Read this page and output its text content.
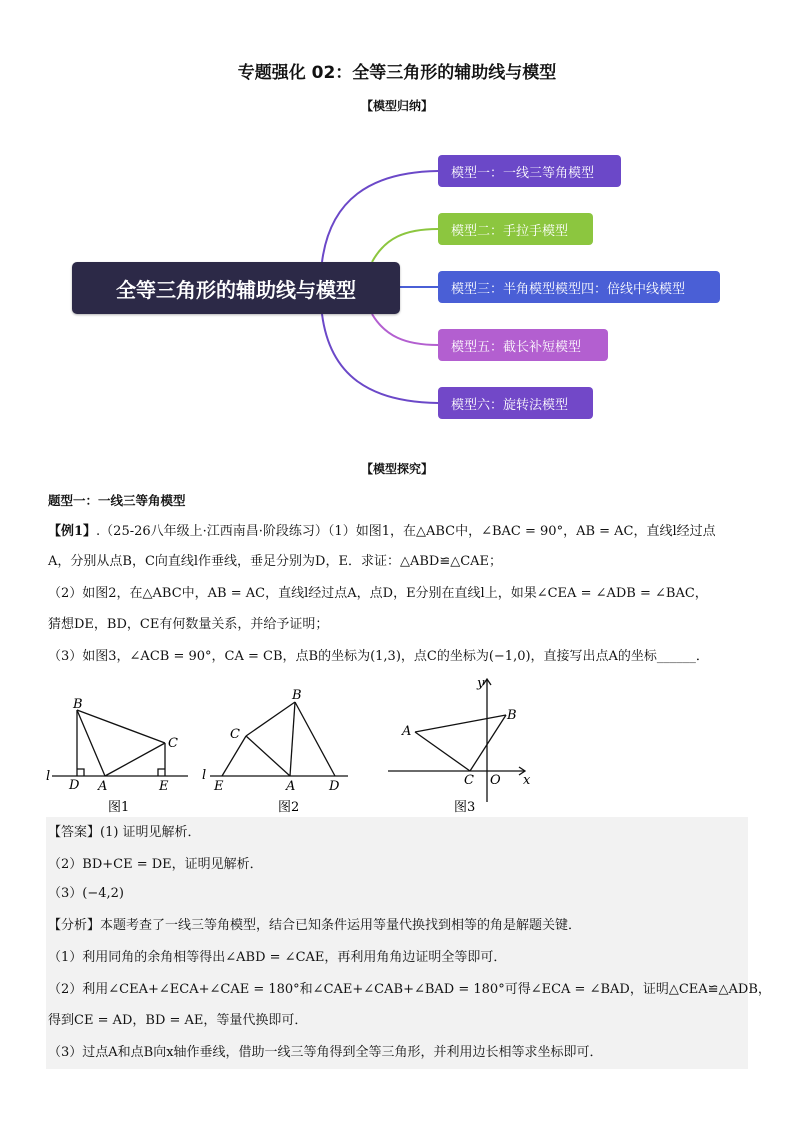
专题强化 02：全等三角形的辅助线与模型
【模型归纳】
全等三角形的辅助线与模型
模型一：一线三等角模型
模型二：手拉手模型
模型三：半角模型模型四：倍线中线模型
模型五：截长补短模型
模型六：旋转法模型
【模型探究】
题型一：一线三等角模型
【例1】.（25-26八年级上·江西南昌·阶段练习）（1）如图1，在△ABC中，∠BAC = 90°，AB = AC，直线l经过点
A，分别从点B，C向直线l作垂线，垂足分别为D，E．求证：△ABD≌△CAE；
（2）如图2，在△ABC中，AB = AC，直线l经过点A，点D，E分别在直线l上，如果∠CEA = ∠ADB = ∠BAC，
猜想DE，BD，CE有何数量关系，并给予证明；
（3）如图3，∠ACB = 90°，CA = CB，点B的坐标为(1,3)，点C的坐标为(−1,0)，直接写出点A的坐标______．
B
C
l
D A	E
图1
B
C
l
E	A	D
图2
y
B
A
C O x
图3
【答案】(1) 证明见解析．
（2）BD+CE = DE，证明见解析．
（3）(−4,2)
【分析】本题考查了一线三等角模型，结合已知条件运用等量代换找到相等的角是解题关键．
（1）利用同角的余角相等得出∠ABD = ∠CAE，再利用角角边证明全等即可．
（2）利用∠CEA+∠ECA+∠CAE = 180°和∠CAE+∠CAB+∠BAD = 180°可得∠ECA = ∠BAD，证明△CEA≌△ADB，
得到CE = AD，BD = AE，等量代换即可．
（3）过点A和点B向x轴作垂线，借助一线三等角得到全等三角形，并利用边长相等求坐标即可．
